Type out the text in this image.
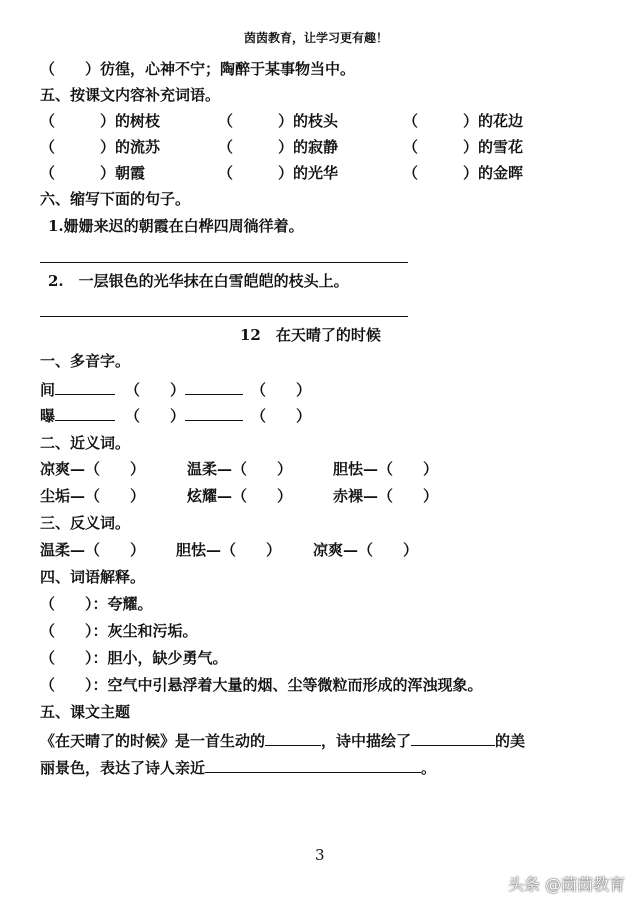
茵茵教育，让学习更有趣！
（　　）彷徨，心神不宁；陶醉于某事物当中。
五、按课文内容补充词语。
（　　　）的树枝	（　　　）的枝头	（　　　）的花边
（　　　）的流苏	（　　　）的寂静	（　　　）的雪花
（　　　）朝霞	（　　　）的光华	（　　　）的金晖
六、缩写下面的句子。
1.姗姗来迟的朝霞在白桦四周徜徉着。
2.　一层银色的光华抹在白雪皑皑的枝头上。
12　在天晴了的时候
一、多音字。
间	（　　）	（　　）
曝	（　　）	（　　）
二、近义词。
凉爽—（　　）	温柔—（　　）	胆怯—（　　）
尘垢—（　　）	炫耀—（　　）	赤裸—（　　）
三、反义词。
温柔—（　　） 胆怯—（　　） 凉爽—（　　）
四、词语解释。
（　　）：夸耀。
（　　）：灰尘和污垢。
（　　）：胆小，缺少勇气。
（　　）：空气中引悬浮着大量的烟、尘等微粒而形成的浑浊现象。
五、课文主题
《在天晴了的时候》是一首生动的	，诗中描绘了	的美
丽景色，表达了诗人亲近	。
3
头条 @茵茵教育
